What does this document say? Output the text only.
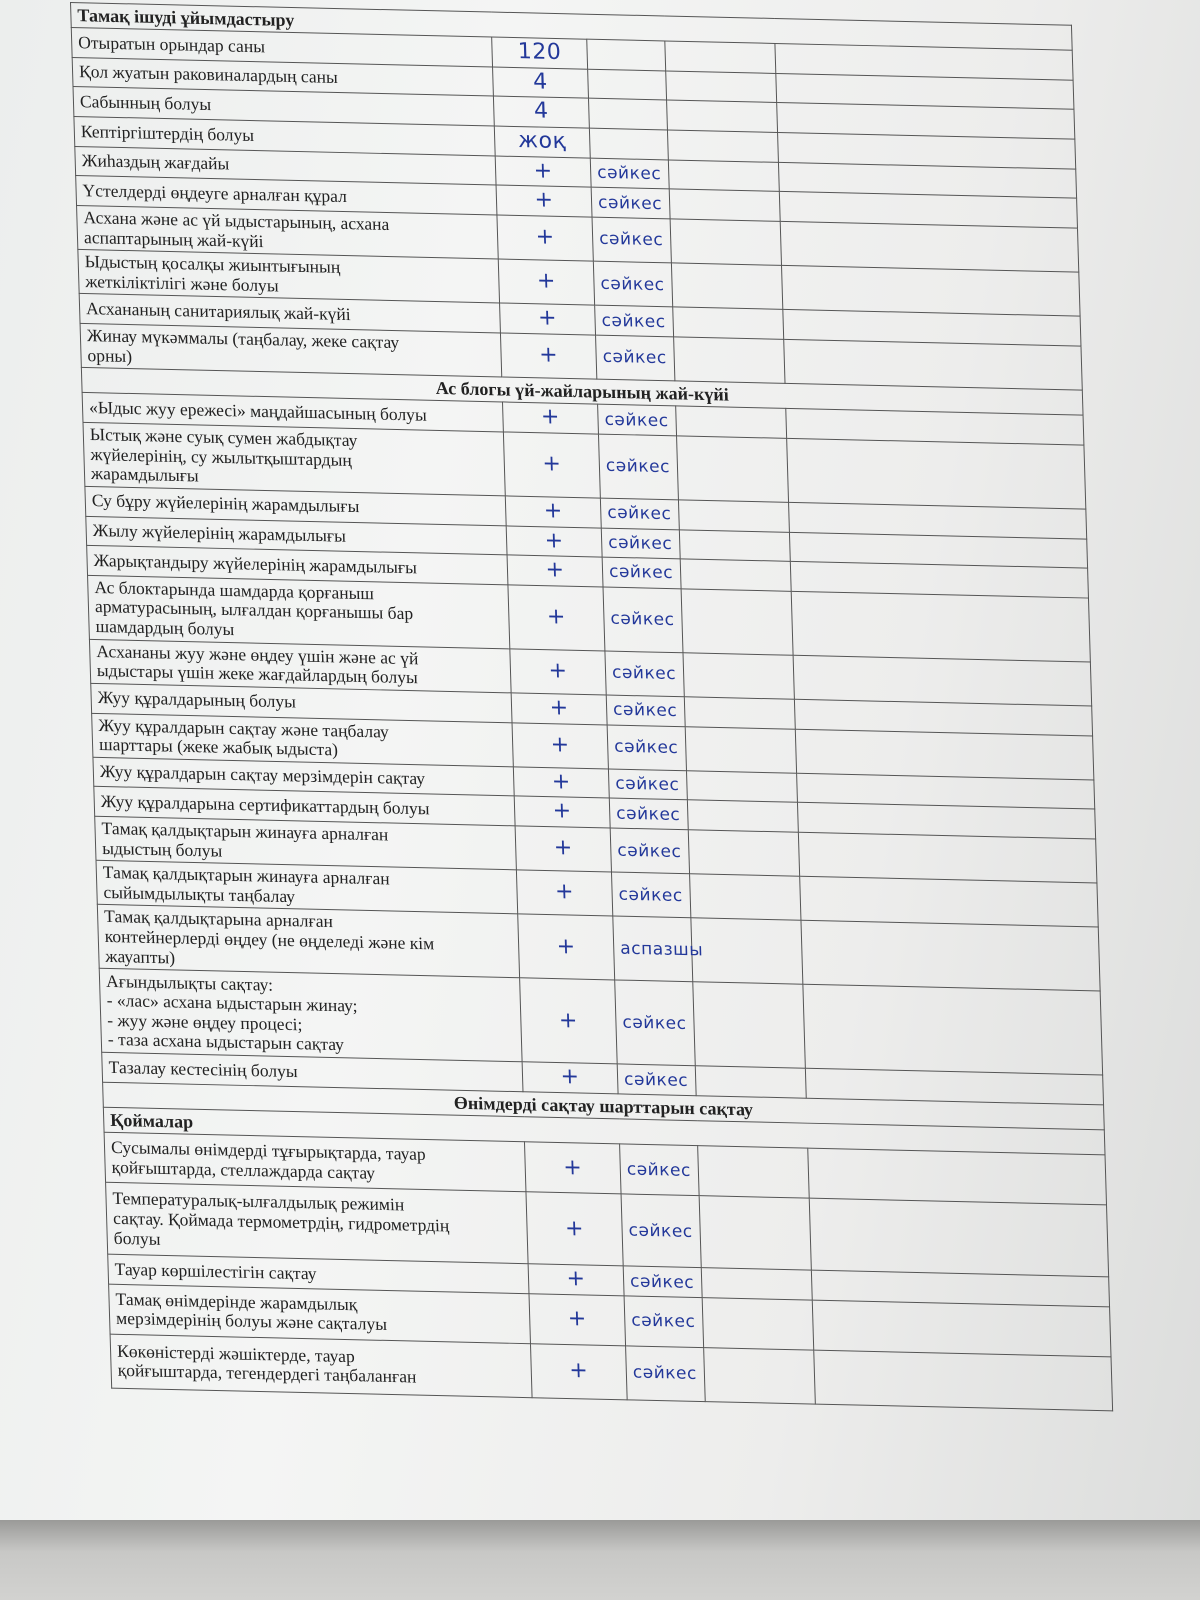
Тамақ ішуді ұйымдастыру				
Отыратын орындар саны	120			
Қол жуатын раковиналардың саны	4			
Сабынның болуы	4			
Кептіргіштердің болуы	жоқ			
Жиһаздың жағдайы	+	сәйкес		
Үстелдерді өңдеуге арналған құрал	+	сәйкес		
Асхана және ас үй ыдыстарының, асхана
аспаптарының жай-күйі	+	сәйкес		
Ыдыстың қосалқы жиынтығының
жеткіліктілігі және болуы	+	сәйкес		
Асхананың санитариялық жай-күйі	+	сәйкес		
Жинау мүкәммалы (таңбалау, жеке сақтау
орны)	+	сәйкес		
Ас блогы үй-жайларының жай-күйі				
«Ыдыс жуу ережесі» маңдайшасының болуы	+	сәйкес		
Ыстық және суық сумен жабдықтау
жүйелерінің, су жылытқыштардың
жарамдылығы	+	сәйкес		
Су бұру жүйелерінің жарамдылығы	+	сәйкес		
Жылу жүйелерінің жарамдылығы	+	сәйкес		
Жарықтандыру жүйелерінің жарамдылығы	+	сәйкес		
Ас блоктарында шамдарда қорғаныш
арматурасының, ылғалдан қорғанышы бар
шамдардың болуы	+	сәйкес		
Асхананы жуу және өңдеу үшін және ас үй
ыдыстары үшін жеке жағдайлардың болуы	+	сәйкес		
Жуу құралдарының болуы	+	сәйкес		
Жуу құралдарын сақтау және таңбалау
шарттары (жеке жабық ыдыста)	+	сәйкес		
Жуу құралдарын сақтау мерзімдерін сақтау	+	сәйкес		
Жуу құралдарына сертификаттардың болуы	+	сәйкес		
Тамақ қалдықтарын жинауға арналған
ыдыстың болуы	+	сәйкес		
Тамақ қалдықтарын жинауға арналған
сыйымдылықты таңбалау	+	сәйкес		
Тамақ қалдықтарына арналған
контейнерлерді өңдеу (не өңделеді және кім
жауапты)	+	аспазшы		
Ағындылықты сақтау:
- «лас» асхана ыдыстарын жинау;
- жуу және өңдеу процесі;
- таза асхана ыдыстарын сақтау	+	сәйкес		
Тазалау кестесінің болуы	+	сәйкес		
Өнімдерді сақтау шарттарын сақтау				
Қоймалар				
Сусымалы өнімдерді тұғырықтарда, тауар
қойғыштарда, стеллаждарда сақтау	+	сәйкес		
Температуралық-ылғалдылық режимін
сақтау. Қоймада термометрдің, гидрометрдің
болуы	+	сәйкес		
Тауар көршілестігін сақтау	+	сәйкес		
Тамақ өнімдерінде жарамдылық
мерзімдерінің болуы және сақталуы	+	сәйкес		
Көкөністерді жәшіктерде, тауар
қойғыштарда, тегендердегі таңбаланған	+	сәйкес		
